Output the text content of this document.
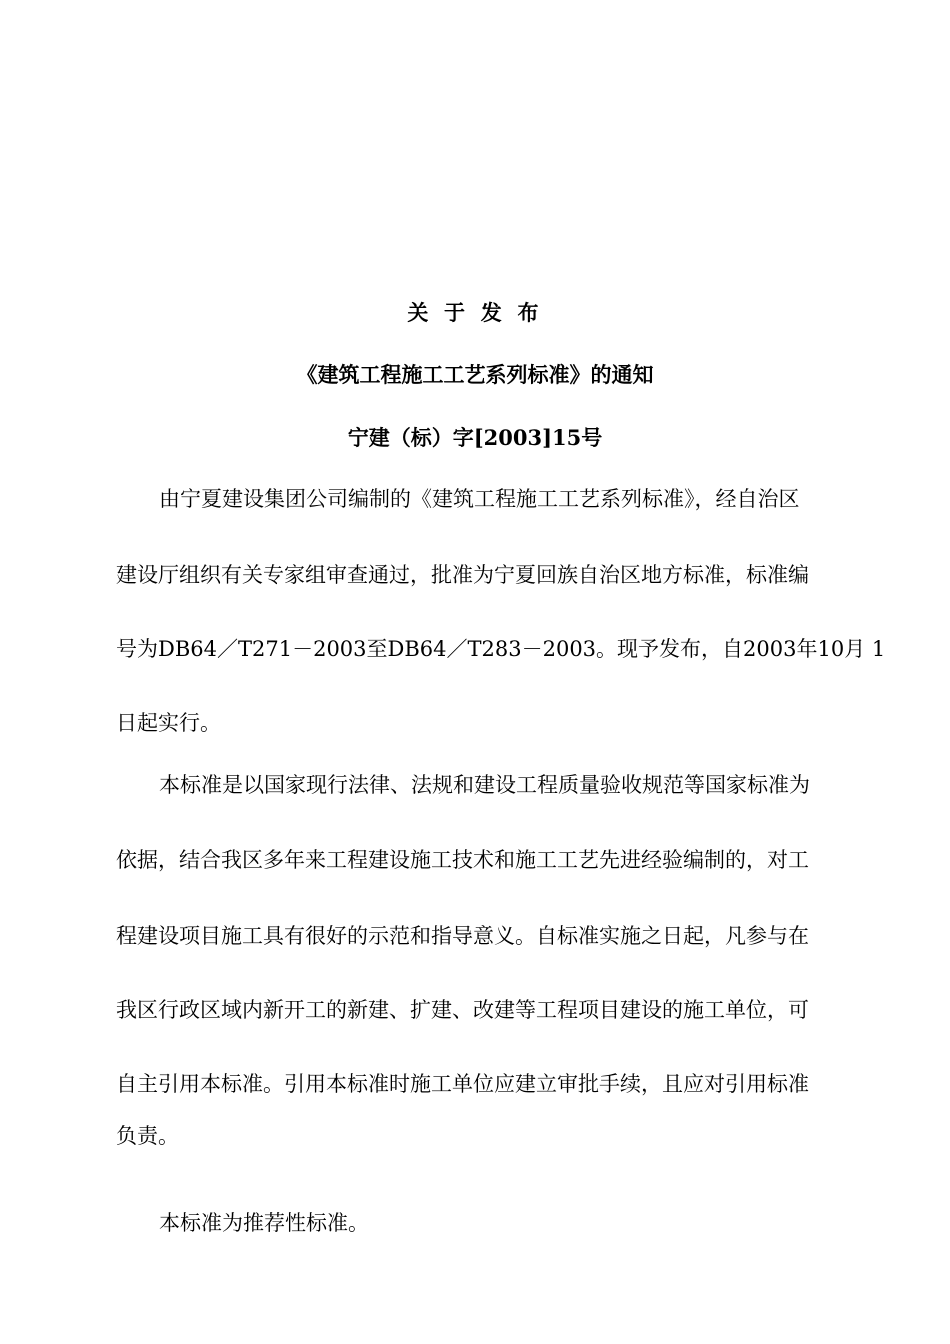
关 于 发 布
《建筑工程施工工艺系列标准》的通知
宁建（标）字[2003]15号
由宁夏建设集团公司编制的《建筑工程施工工艺系列标准》，经自治区
建设厅组织有关专家组审查通过，批准为宁夏回族自治区地方标准，标准编
号为DB64／T271－2003至DB64／T283－2003。现予发布，自2003年10月 1
日起实行。
本标准是以国家现行法律、法规和建设工程质量验收规范等国家标准为
依据，结合我区多年来工程建设施工技术和施工工艺先进经验编制的，对工
程建设项目施工具有很好的示范和指导意义。自标准实施之日起，凡参与在
我区行政区域内新开工的新建、扩建、改建等工程项目建设的施工单位，可
自主引用本标准。引用本标准时施工单位应建立审批手续，且应对引用标准
负责。
本标准为推荐性标准。
